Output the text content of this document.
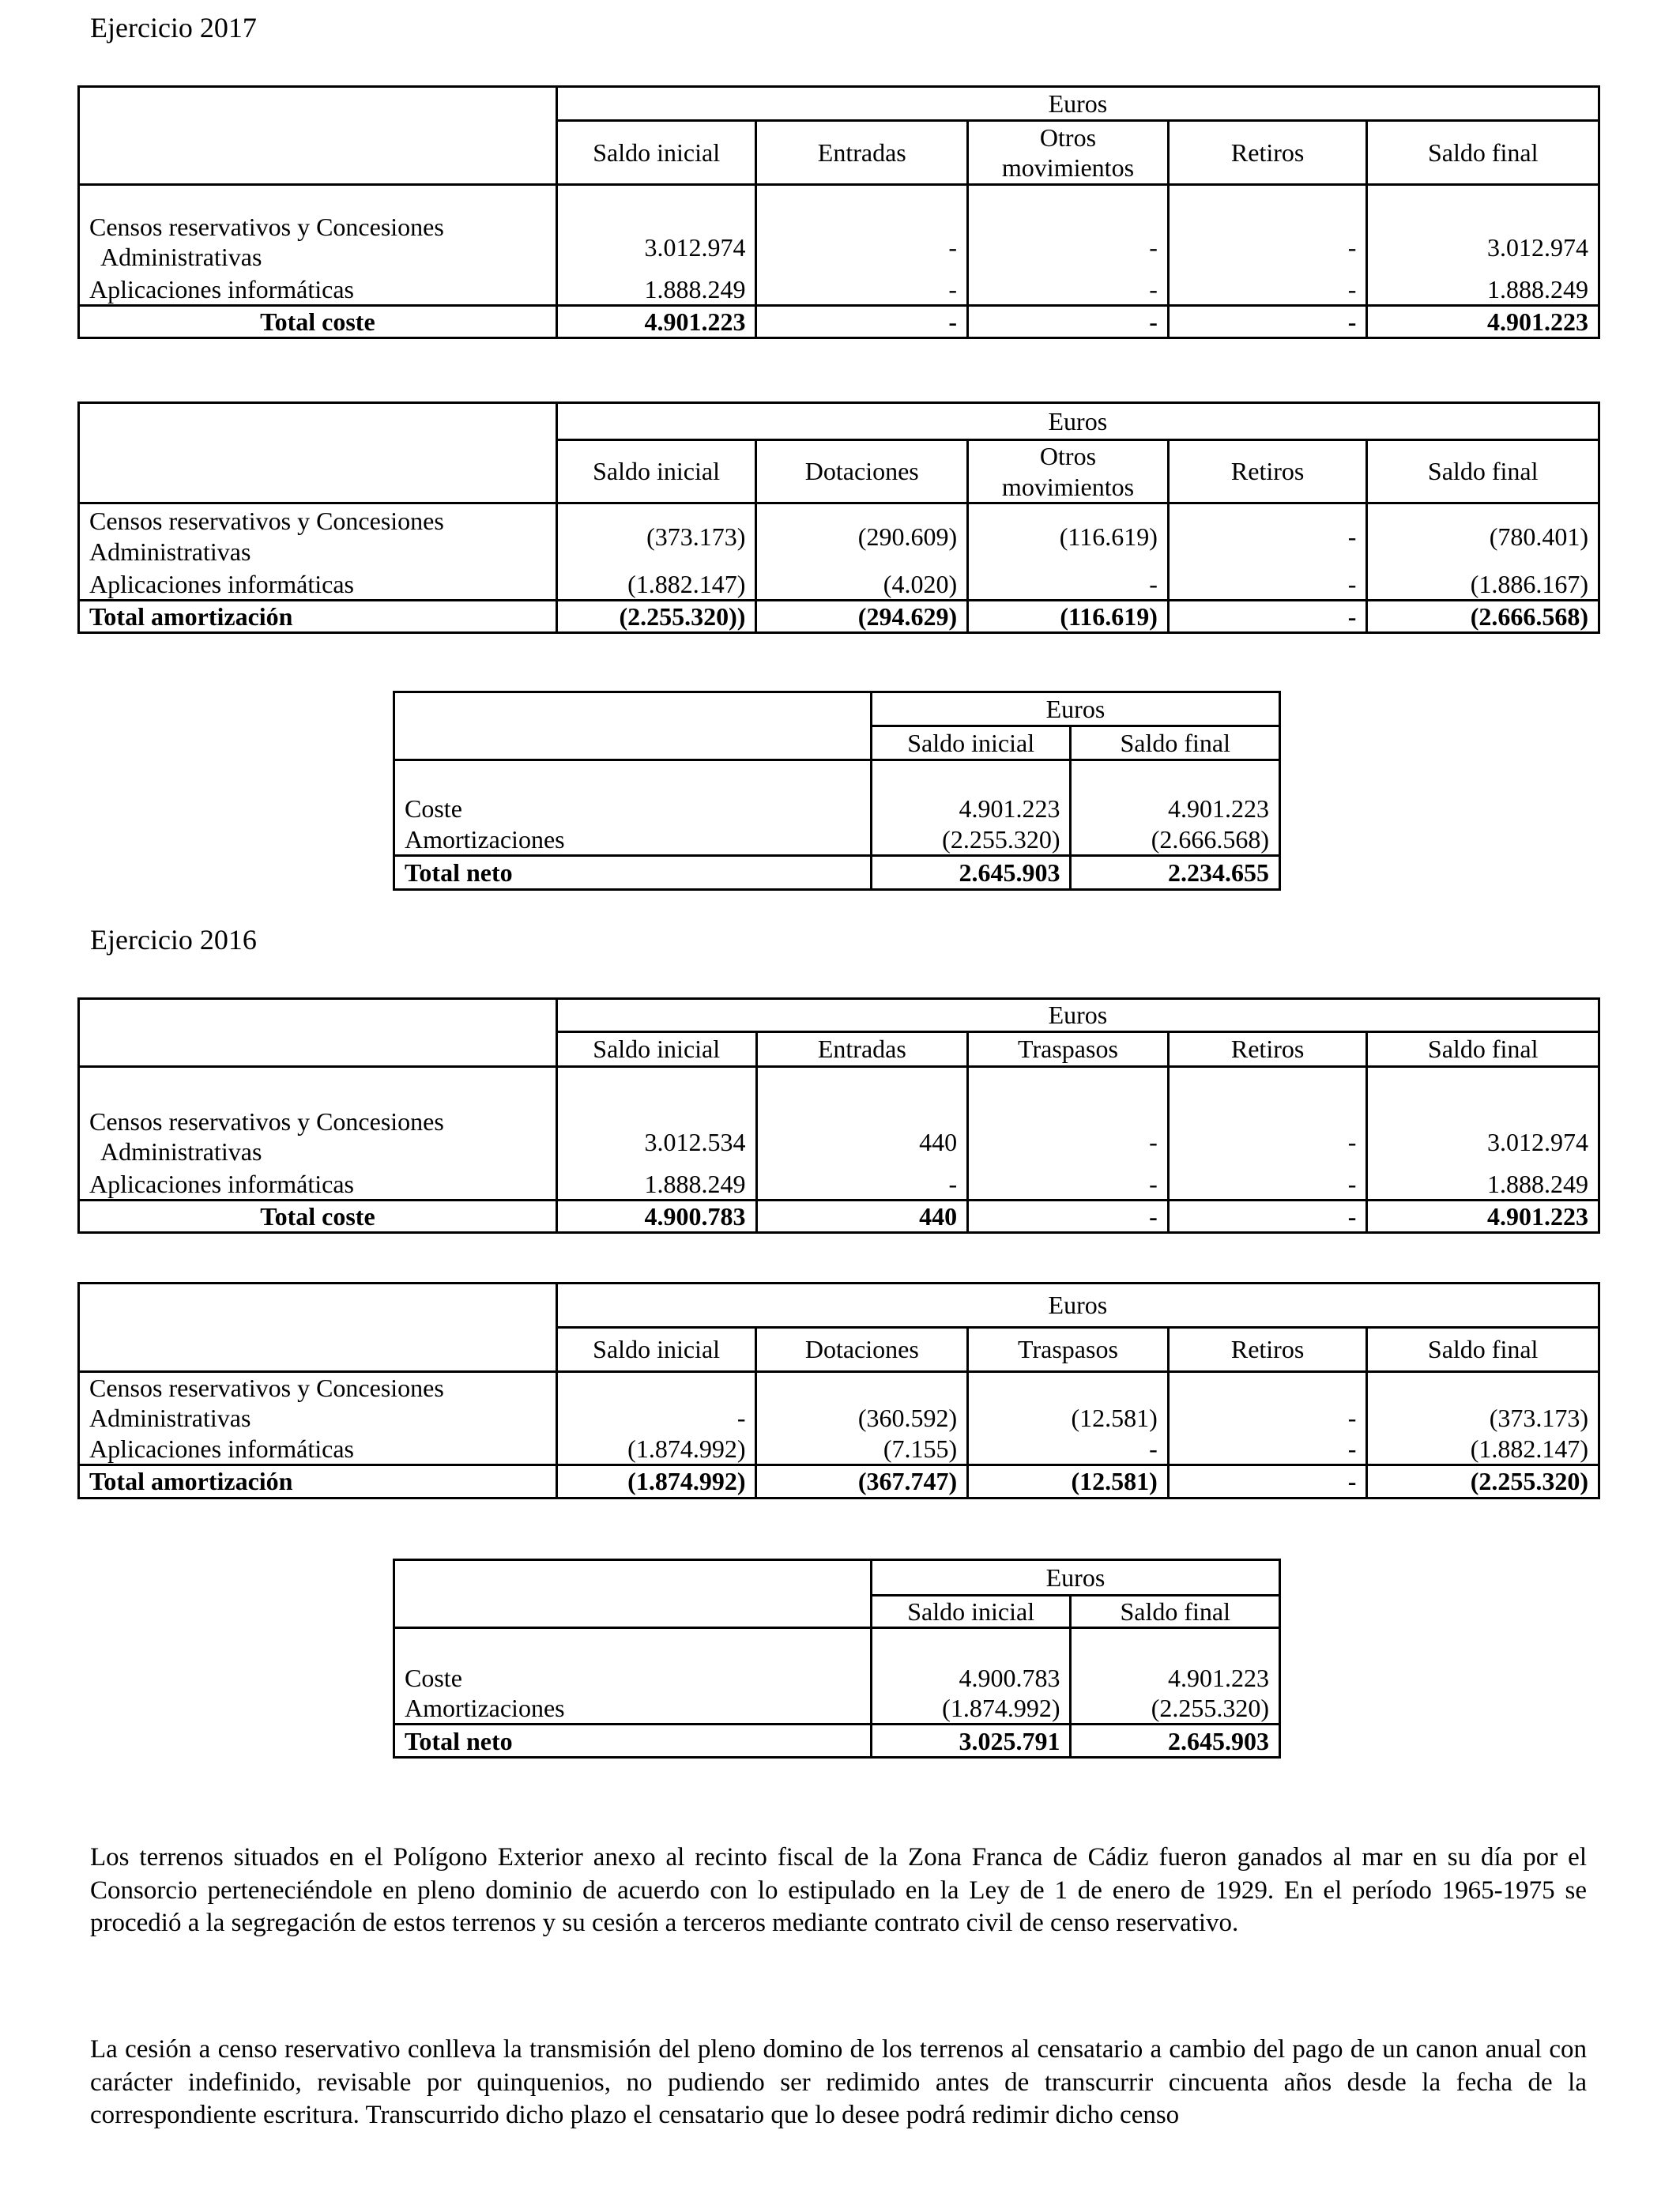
Ejercicio 2017
	Euros				
	Saldo inicial	Entradas	Otros movimientos	Retiros	Saldo final
Censos reservativos y Concesiones
Administrativas	3.012.974	-	-	-	3.012.974
Aplicaciones informáticas	1.888.249	-	-	-	1.888.249
Total coste	4.901.223	-	-	-	4.901.223
	Euros				
	Saldo inicial	Dotaciones	Otros movimientos	Retiros	Saldo final
Censos reservativos y Concesiones
Administrativas	(373.173)	(290.609)	(116.619)	-	(780.401)
Aplicaciones informáticas	(1.882.147)	(4.020)	-	-	(1.886.167)
Total amortización	(2.255.320))	(294.629)	(116.619)	-	(2.666.568)
	Euros	
	Saldo inicial	Saldo final
Coste	4.901.223	4.901.223
Amortizaciones	(2.255.320)	(2.666.568)
Total neto	2.645.903	2.234.655
Ejercicio 2016
	Euros				
	Saldo inicial	Entradas	Traspasos	Retiros	Saldo final
Censos reservativos y Concesiones
Administrativas	3.012.534	440	-	-	3.012.974
Aplicaciones informáticas	1.888.249	-	-	-	1.888.249
Total coste	4.900.783	440	-	-	4.901.223
	Euros				
	Saldo inicial	Dotaciones	Traspasos	Retiros	Saldo final
Censos reservativos y Concesiones
Administrativas	-	(360.592)	(12.581)	-	(373.173)
Aplicaciones informáticas	(1.874.992)	(7.155)	-	-	(1.882.147)
Total amortización	(1.874.992)	(367.747)	(12.581)	-	(2.255.320)
	Euros	
	Saldo inicial	Saldo final
Coste	4.900.783	4.901.223
Amortizaciones	(1.874.992)	(2.255.320)
Total neto	3.025.791	2.645.903

Los terrenos situados en el Polígono Exterior anexo al recinto fiscal de la Zona Franca de Cádiz fueron ganados al mar en su día por el Consorcio perteneciéndole en pleno dominio de acuerdo con lo estipulado en la Ley de 1 de enero de 1929. En el período 1965-1975 se procedió a la segregación de estos terrenos y su cesión a terceros mediante contrato civil de censo reservativo.

La cesión a censo reservativo conlleva la transmisión del pleno domino de los terrenos al censatario a cambio del pago de un canon anual con carácter indefinido, revisable por quinquenios, no pudiendo ser redimido antes de transcurrir cincuenta años desde la fecha de la correspondiente escritura. Transcurrido dicho plazo el censatario que lo desee podrá redimir dicho censo
